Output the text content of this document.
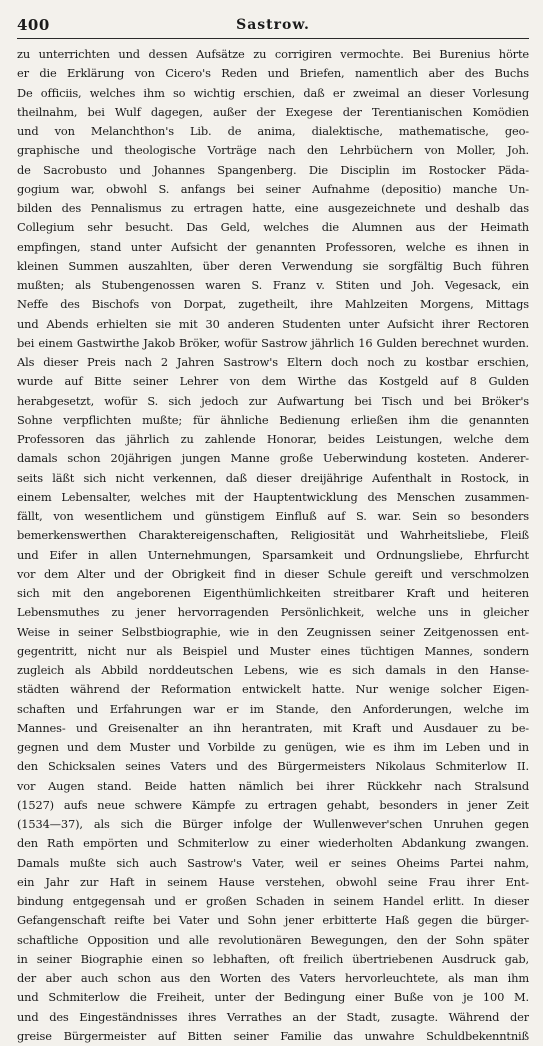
400	Sastrow.
zu unterrichten und dessen Aufsätze zu corrigiren vermochte. Bei Burenius hörte
er die Erklärung von Cicero's Reden und Briefen, namentlich aber des Buchs
De officiis, welches ihm so wichtig erschien, daß er zweimal an dieser Vorlesung
theilnahm, bei Wulf dagegen, außer der Exegese der Terentianischen Komödien
und von Melanchthon's Lib. de anima, dialektische, mathematische, geo-
graphische und theologische Vorträge nach den Lehrbüchern von Moller, Joh.
de Sacrobusto und Johannes Spangenberg. Die Disciplin im Rostocker Päda-
gogium war, obwohl S. anfangs bei seiner Aufnahme (depositio) manche Un-
bilden des Pennalismus zu ertragen hatte, eine ausgezeichnete und deshalb das
Collegium sehr besucht. Das Geld, welches die Alumnen aus der Heimath
empfingen, stand unter Aufsicht der genannten Professoren, welche es ihnen in
kleinen Summen auszahlten, über deren Verwendung sie sorgfältig Buch führen
mußten; als Stubengenossen waren S. Franz v. Stiten und Joh. Vegesack, ein
Neffe des Bischofs von Dorpat, zugetheilt, ihre Mahlzeiten Morgens, Mittags
und Abends erhielten sie mit 30 anderen Studenten unter Aufsicht ihrer Rectoren
bei einem Gastwirthe Jakob Bröker, wofür Sastrow jährlich 16 Gulden berechnet wurden.
Als dieser Preis nach 2 Jahren Sastrow's Eltern doch noch zu kostbar erschien,
wurde auf Bitte seiner Lehrer von dem Wirthe das Kostgeld auf 8 Gulden
herabgesetzt, wofür S. sich jedoch zur Aufwartung bei Tisch und bei Bröker's
Sohne verpflichten mußte; für ähnliche Bedienung erließen ihm die genannten
Professoren das jährlich zu zahlende Honorar, beides Leistungen, welche dem
damals schon 20jährigen jungen Manne große Ueberwindung kosteten. Anderer-
seits läßt sich nicht verkennen, daß dieser dreijährige Aufenthalt in Rostock, in
einem Lebensalter, welches mit der Hauptentwicklung des Menschen zusammen-
fällt, von wesentlichem und günstigem Einfluß auf S. war. Sein so besonders
bemerkenswerthen Charaktereigenschaften, Religiosität und Wahrheitsliebe, Fleiß
und Eifer in allen Unternehmungen, Sparsamkeit und Ordnungsliebe, Ehrfurcht
vor dem Alter und der Obrigkeit find in dieser Schule gereift und verschmolzen
sich mit den angeborenen Eigenthümlichkeiten streitbarer Kraft und heiteren
Lebensmuthes zu jener hervorragenden Persönlichkeit, welche uns in gleicher
Weise in seiner Selbstbiographie, wie in den Zeugnissen seiner Zeitgenossen ent-
gegentritt, nicht nur als Beispiel und Muster eines tüchtigen Mannes, sondern
zugleich als Abbild norddeutschen Lebens, wie es sich damals in den Hanse-
städten während der Reformation entwickelt hatte. Nur wenige solcher Eigen-
schaften und Erfahrungen war er im Stande, den Anforderungen, welche im
Mannes- und Greisenalter an ihn herantraten, mit Kraft und Ausdauer zu be-
gegnen und dem Muster und Vorbilde zu genügen, wie es ihm im Leben und in
den Schicksalen seines Vaters und des Bürgermeisters Nikolaus Schmiterlow II.
vor Augen stand. Beide hatten nämlich bei ihrer Rückkehr nach Stralsund
(1527) aufs neue schwere Kämpfe zu ertragen gehabt, besonders in jener Zeit
(1534—37), als sich die Bürger infolge der Wullenwever'schen Unruhen gegen
den Rath empörten und Schmiterlow zu einer wiederholten Abdankung zwangen.
Damals mußte sich auch Sastrow's Vater, weil er seines Oheims Partei nahm,
ein Jahr zur Haft in seinem Hause verstehen, obwohl seine Frau ihrer Ent-
bindung entgegensah und er großen Schaden in seinem Handel erlitt. In dieser
Gefangenschaft reifte bei Vater und Sohn jener erbitterte Haß gegen die bürger-
schaftliche Opposition und alle revolutionären Bewegungen, den der Sohn später
in seiner Biographie einen so lebhaften, oft freilich übertriebenen Ausdruck gab,
der aber auch schon aus den Worten des Vaters hervorleuchtete, als man ihm
und Schmiterlow die Freiheit, unter der Bedingung einer Buße von je 100 M.
und des Eingeständnisses ihres Verrathes an der Stadt, zusagte. Während der
greise Bürgermeister auf Bitten seiner Familie das unwahre Schuldbekenntniß
